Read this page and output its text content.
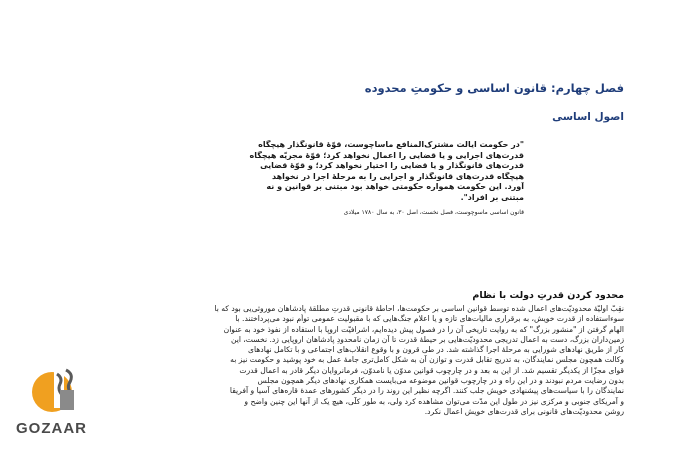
فصل چهارم: قانون اساسی و حکومتِ محدوده
اصول اساسی
"در حکومت ایالت مشترک‌المنافع ماساچوست، قوّهٔ قانونگذار هیچگاه
قدرت‌های اجرایی و یا قضایی را اعمال نخواهد کرد؛ قوّهٔ مجریّه هیچگاه
قدرت‌های قانونگذار و یا قضایی را اختیار نخواهد کرد؛ و قوّهٔ قضایی
هیچگاه قدرت‌های قانونگذار و اجرایی را به مرحلهٔ اجرا در نخواهد
آورد. این حکومت همواره حکومتی خواهد بود مبتنی بر قوانین و نه
مبتنی بر افراد".
قانون اساسی ماسوچوست، فصل نخست، اصل ۳۰، به سال ۱۷۸۰ میلادی
محدود کردن قدرتِ دولت با نظام
نقِبّ اولیّهٔ محدودیّت‌های اعمال شده توسط قوانین اساسی بر حکومت‌ها، احاطهٔ قانونی قدرتِ مطلقهٔ پادشاهان موروثی‌یی بود که با
سوءاستفاده از قدرت خویش، به برقراری مالیات‌های تازه و یا اعلام جنگ‌هایی که با مقبولیت عمومی توأم نبود می‌پرداختند. با
الهام گرفتن از "منشور بزرگ" که به روایت تاریخی آن را در فصول پیش دیده‌ایم، اشرافیّت اروپا با استفاده از نفوذ خود به عنوان
زمین‌داران بزرگ، دست به اعمال تدریجی محدودیّت‌هایی بر حیطهٔ قدرت تا آن زمان نامحدودِ پادشاهان اروپایی زد. نخست، این
کار از طریق نهادهای شورایی به مرحلهٔ اجرا گذاشته شد. در طی قرون و با وقوع انقلاب‌های اجتماعی و با تکامل نهادهای
وکالت همچون مجلس نمایندگان، به تدریج تقابل قدرت و توازن آن به شکل کامل‌تری جامهٔ عمل به خود پوشید و حکومت نیز به
قوای مجزّا از یکدیگر تقسیم شد. از این به بعد و در چارچوب قوانین مدوّن یا نامدوّن، فرمانروایان دیگر قادر به اعمال قدرت
بدون رضایت مردم نبودند و در این راه و در چارچوب قوانین موضوعه می‌بایست همکاری نهادهای دیگر همچون مجلس
نمایندگان را با سیاست‌های پیشنهادی خویش جلب کنند. اگرچه نظیر این روند را در دیگر کشورهای عمدهٔ قاره‌های آسیا و آفریقا
و آمریکای جنوبی و مرکزی نیز در طول این مدّت می‌توان مشاهده کرد ولی، به طور کلّی، هیچ یک از آنها این چنین واضح و
روشن محدودیّت‌های قانونی برای قدرت‌های خویش اعمال نکرد.
GOZAAR
